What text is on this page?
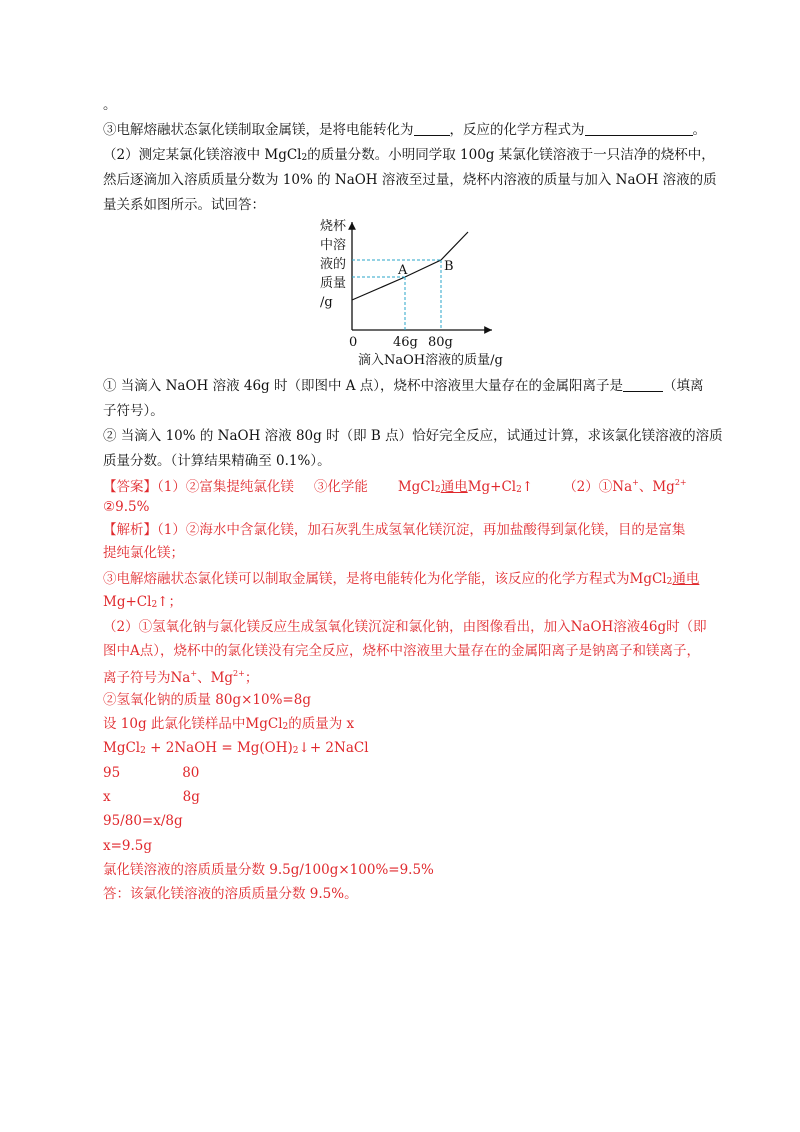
。
③电解熔融状态氯化镁制取金属镁，是将电能转化为	，反应的化学方程式为	。
（2）测定某氯化镁溶液中 MgCl$_2$的质量分数。小明同学取 100g 某氯化镁溶液于一只洁净的烧杯中，
然后逐滴加入溶质质量分数为 10% 的 NaOH 溶液至过量，烧杯内溶液的质量与加入 NaOH 溶液的质
量关系如图所示。试回答：
烧杯
中溶
液的
质量
/g
A	B
0	46g 80g
滴入NaOH溶液的质量/g
① 当滴入 NaOH 溶液 46g 时（即图中 A 点），烧杯中溶液里大量存在的金属阳离子是	（填离
子符号）。
② 当滴入 10% 的 NaOH 溶液 80g 时（即 B 点）恰好完全反应，试通过计算，求该氯化镁溶液的溶质
质量分数。（计算结果精确至 0.1%）。
【答案】（1）②富集提纯氯化镁 ③化学能 MgCl$_2$通电$Mg+Cl_2↑$ （2）①Na+、$Mg^{2+}$
②9.5%
【解析】（1）②海水中含氯化镁，加石灰乳生成氢氧化镁沉淀，再加盐酸得到氯化镁，目的是富集
提纯氯化镁；
③电解熔融状态氯化镁可以制取金属镁，是将电能转化为化学能，该反应的化学方程式为MgCl$_2$通电
$Mg+Cl_2↑$；
（2）①氢氧化钠与氯化镁反应生成氢氧化镁沉淀和氯化钠，由图像看出，加入NaOH溶液46g时（即
图中A点），烧杯中的氯化镁没有完全反应，烧杯中溶液里大量存在的金属阳离子是钠离子和镁离子，
离子符号为Na+、$Mg^{2+}$；
②氢氧化钠的质量 80g×10%=8g
设 10g 此氯化镁样品中MgCl$_2$的质量为 x
MgCl$_2$ + 2NaOH = $Mg(OH)_2↓+$ 2NaCl
95	80
x	8g
95/80=x/8g
x=9.5g
氯化镁溶液的溶质质量分数 9.5g/100g×100%=9.5%
答：该氯化镁溶液的溶质质量分数 9.5%。
